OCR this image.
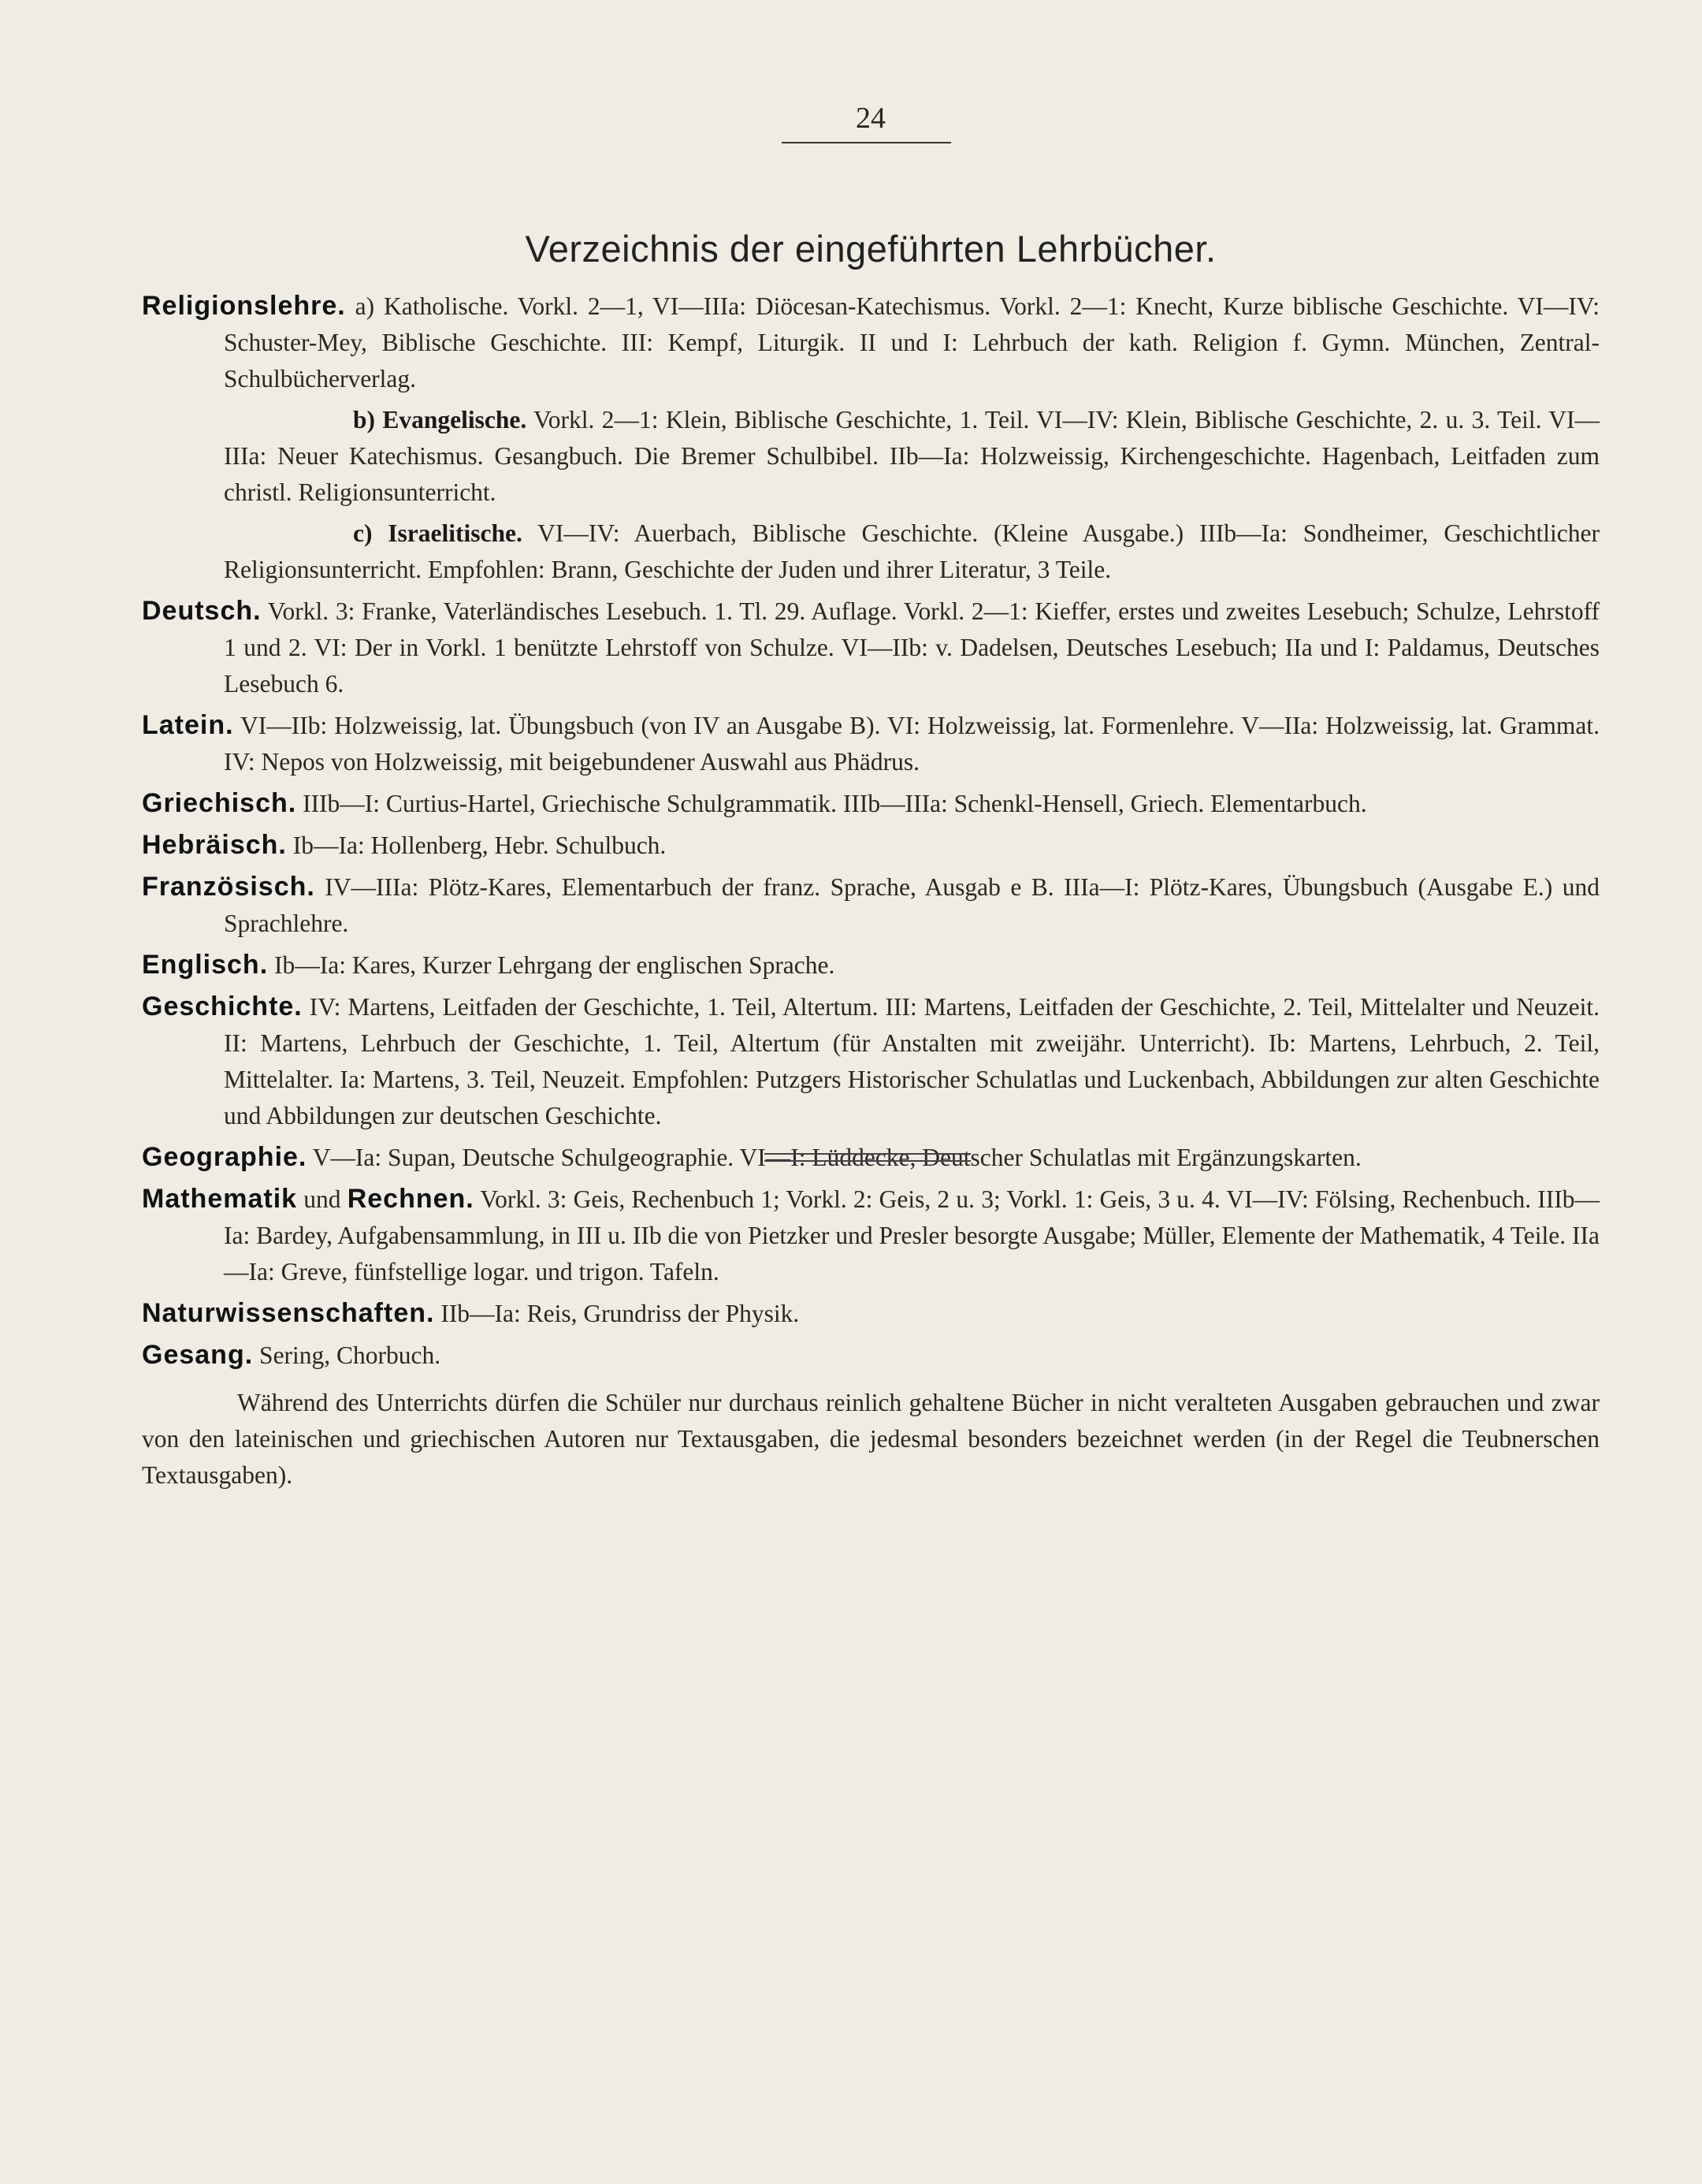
24
Verzeichnis der eingeführten Lehrbücher.

Religionslehre. a) Katholische. Vorkl. 2—1, VI—IIIa: Diöcesan-Katechismus. Vorkl. 2—1: Knecht, Kurze biblische Geschichte. VI—IV: Schuster-Mey, Biblische Geschichte. III: Kempf, Liturgik. II und I: Lehrbuch der kath. Religion f. Gymn. München, Zentral-Schulbücherverlag.

b) Evangelische. Vorkl. 2—1: Klein, Biblische Geschichte, 1. Teil. VI—IV: Klein, Biblische Geschichte, 2. u. 3. Teil. VI—IIIa: Neuer Katechismus. Gesangbuch. Die Bremer Schulbibel. IIb—Ia: Holzweissig, Kirchengeschichte. Hagenbach, Leitfaden zum christl. Religionsunterricht.

c) Israelitische. VI—IV: Auerbach, Biblische Geschichte. (Kleine Ausgabe.) IIIb—Ia: Sondheimer, Geschichtlicher Religionsunterricht. Empfohlen: Brann, Geschichte der Juden und ihrer Literatur, 3 Teile.

Deutsch. Vorkl. 3: Franke, Vaterländisches Lesebuch. 1. Tl. 29. Auflage. Vorkl. 2—1: Kieffer, erstes und zweites Lesebuch; Schulze, Lehrstoff 1 und 2. VI: Der in Vorkl. 1 benützte Lehrstoff von Schulze. VI—IIb: v. Dadelsen, Deutsches Lesebuch; IIa und I: Paldamus, Deutsches Lesebuch 6.

Latein. VI—IIb: Holzweissig, lat. Übungsbuch (von IV an Ausgabe B). VI: Holzweissig, lat. Formenlehre. V—IIa: Holzweissig, lat. Grammat. IV: Nepos von Holzweissig, mit beigebundener Auswahl aus Phädrus.

Griechisch. IIIb—I: Curtius-Hartel, Griechische Schulgrammatik. IIIb—IIIa: Schenkl-Hensell, Griech. Elementarbuch.

Hebräisch. Ib—Ia: Hollenberg, Hebr. Schulbuch.

Französisch. IV—IIIa: Plötz-Kares, Elementarbuch der franz. Sprache, Ausgab e B. IIIa—I: Plötz-Kares, Übungsbuch (Ausgabe E.) und Sprachlehre.

Englisch. Ib—Ia: Kares, Kurzer Lehrgang der englischen Sprache.

Geschichte. IV: Martens, Leitfaden der Geschichte, 1. Teil, Altertum. III: Martens, Leitfaden der Geschichte, 2. Teil, Mittelalter und Neuzeit. II: Martens, Lehrbuch der Geschichte, 1. Teil, Altertum (für Anstalten mit zweijähr. Unterricht). Ib: Martens, Lehrbuch, 2. Teil, Mittelalter. Ia: Martens, 3. Teil, Neuzeit. Empfohlen: Putzgers Historischer Schulatlas und Luckenbach, Abbildungen zur alten Geschichte und Abbildungen zur deutschen Geschichte.

Geographie. V—Ia: Supan, Deutsche Schulgeographie. VI—I: Lüddecke, Deutscher Schulatlas mit Ergänzungskarten.

Mathematik und Rechnen. Vorkl. 3: Geis, Rechenbuch 1; Vorkl. 2: Geis, 2 u. 3; Vorkl. 1: Geis, 3 u. 4. VI—IV: Fölsing, Rechenbuch. IIIb—Ia: Bardey, Aufgabensammlung, in III u. IIb die von Pietzker und Presler besorgte Ausgabe; Müller, Elemente der Mathematik, 4 Teile. IIa—Ia: Greve, fünfstellige logar. und trigon. Tafeln.

Naturwissenschaften. IIb—Ia: Reis, Grundriss der Physik.

Gesang. Sering, Chorbuch.

Während des Unterrichts dürfen die Schüler nur durchaus reinlich gehaltene Bücher in nicht veralteten Ausgaben gebrauchen und zwar von den lateinischen und griechischen Autoren nur Textausgaben, die jedesmal besonders bezeichnet werden (in der Regel die Teubnerschen Textausgaben).
